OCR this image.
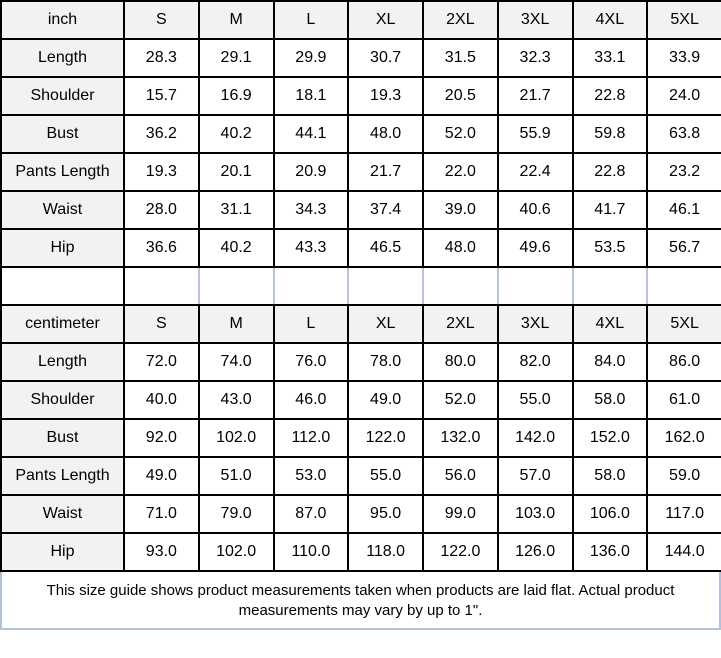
inch	S	M	L	XL	2XL	3XL	4XL	5XL
Length	28.3	29.1	29.9	30.7	31.5	32.3	33.1	33.9
Shoulder	15.7	16.9	18.1	19.3	20.5	21.7	22.8	24.0
Bust	36.2	40.2	44.1	48.0	52.0	55.9	59.8	63.8
Pants Length	19.3	20.1	20.9	21.7	22.0	22.4	22.8	23.2
Waist	28.0	31.1	34.3	37.4	39.0	40.6	41.7	46.1
Hip	36.6	40.2	43.3	46.5	48.0	49.6	53.5	56.7

centimeter	S	M	L	XL	2XL	3XL	4XL	5XL
Length	72.0	74.0	76.0	78.0	80.0	82.0	84.0	86.0
Shoulder	40.0	43.0	46.0	49.0	52.0	55.0	58.0	61.0
Bust	92.0	102.0	112.0	122.0	132.0	142.0	152.0	162.0
Pants Length	49.0	51.0	53.0	55.0	56.0	57.0	58.0	59.0
Waist	71.0	79.0	87.0	95.0	99.0	103.0	106.0	117.0
Hip	93.0	102.0	110.0	118.0	122.0	126.0	136.0	144.0
This size guide shows product measurements taken when products are laid flat. Actual product measurements may vary by up to 1".
